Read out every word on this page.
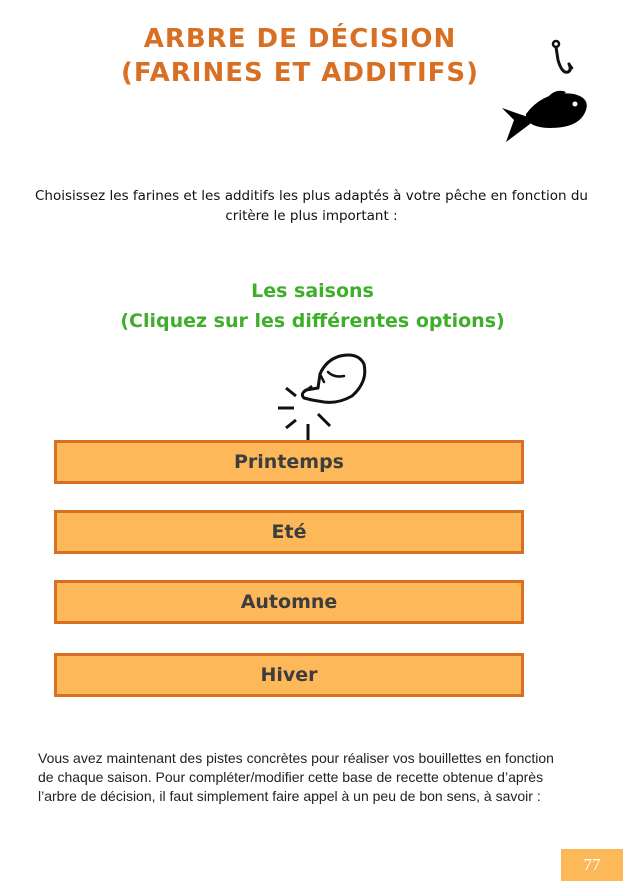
ARBRE DE DÉCISION
(FARINES ET ADDITIFS)
Choisissez les farines et les additifs les plus adaptés à votre pêche en fonction du
critère le plus important :
Les saisons
(Cliquez sur les différentes options)
Printemps
Eté
Automne
Hiver
Vous avez maintenant des pistes concrètes pour réaliser vos bouillettes en fonction
de chaque saison. Pour compléter/modifier cette base de recette obtenue d’après
l’arbre de décision, il faut simplement faire appel à un peu de bon sens, à savoir :
77
